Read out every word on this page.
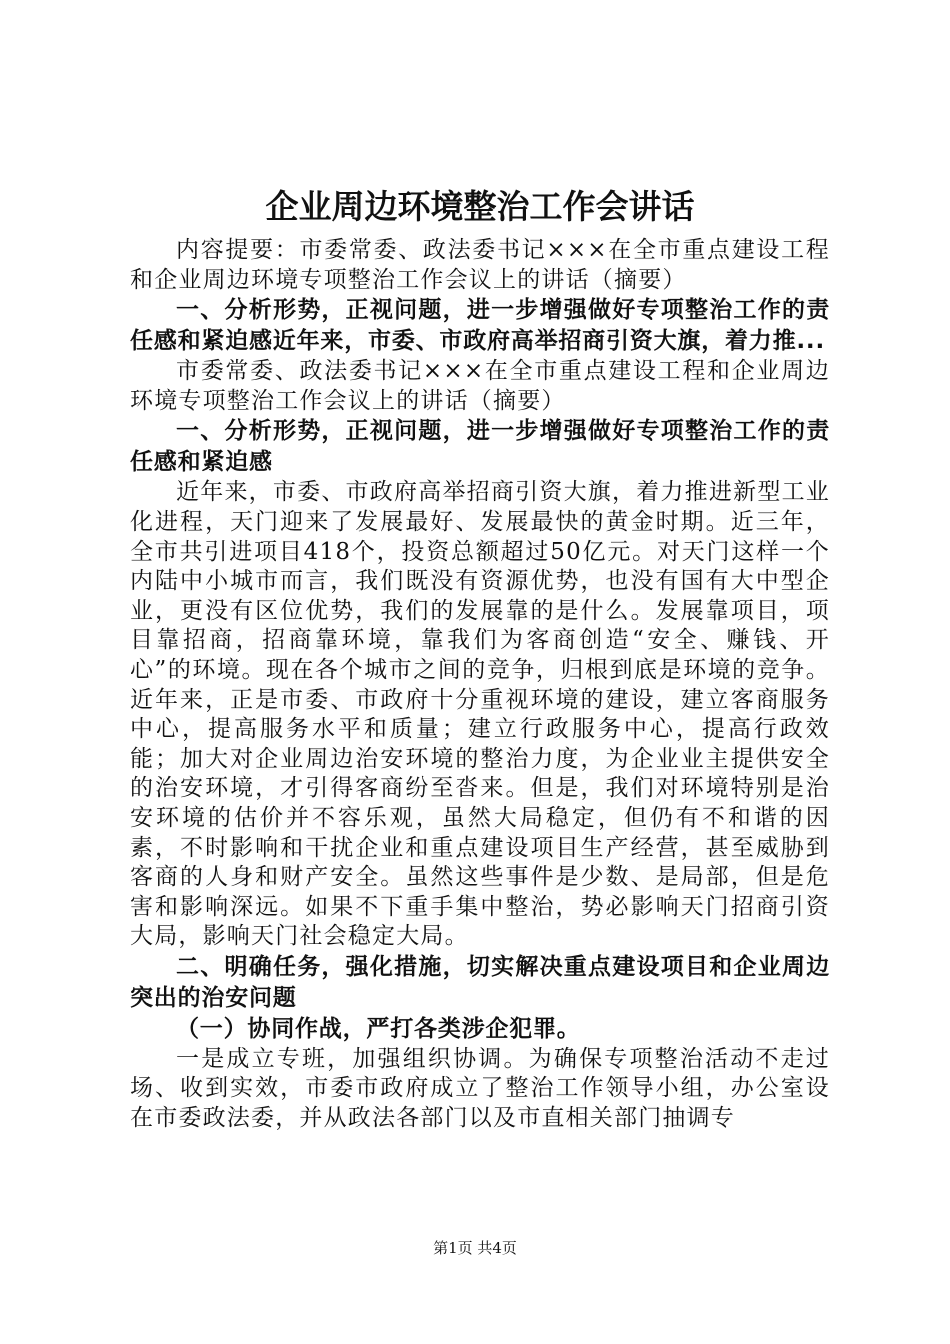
企业周边环境整治工作会讲话

内容提要：市委常委、政法委书记×××在全市重点建设工程和企业周边环境专项整治工作会议上的讲话（摘要）

一、分析形势，正视问题，进一步增强做好专项整治工作的责任感和紧迫感近年来，市委、市政府高举招商引资大旗，着力推...

市委常委、政法委书记×××在全市重点建设工程和企业周边环境专项整治工作会议上的讲话（摘要）

一、分析形势，正视问题，进一步增强做好专项整治工作的责任感和紧迫感

近年来，市委、市政府高举招商引资大旗，着力推进新型工业化进程，天门迎来了发展最好、发展最快的黄金时期。近三年，全市共引进项目418个，投资总额超过50亿元。对天门这样一个内陆中小城市而言，我们既没有资源优势，也没有国有大中型企业，更没有区位优势，我们的发展靠的是什么。发展靠项目，项目靠招商，招商靠环境，靠我们为客商创造“安全、赚钱、开心”的环境。现在各个城市之间的竞争，归根到底是环境的竞争。近年来，正是市委、市政府十分重视环境的建设，建立客商服务中心，提高服务水平和质量；建立行政服务中心，提高行政效能；加大对企业周边治安环境的整治力度，为企业业主提供安全的治安环境，才引得客商纷至沓来。但是，我们对环境特别是治安环境的估价并不容乐观，虽然大局稳定，但仍有不和谐的因素，不时影响和干扰企业和重点建设项目生产经营，甚至威胁到客商的人身和财产安全。虽然这些事件是少数、是局部，但是危害和影响深远。如果不下重手集中整治，势必影响天门招商引资大局，影响天门社会稳定大局。

二、明确任务，强化措施，切实解决重点建设项目和企业周边突出的治安问题

（一）协同作战，严打各类涉企犯罪。

一是成立专班，加强组织协调。为确保专项整治活动不走过场、收到实效，市委市政府成立了整治工作领导小组，办公室设在市委政法委，并从政法各部门以及市直相关部门抽调专

第1页 共4页
